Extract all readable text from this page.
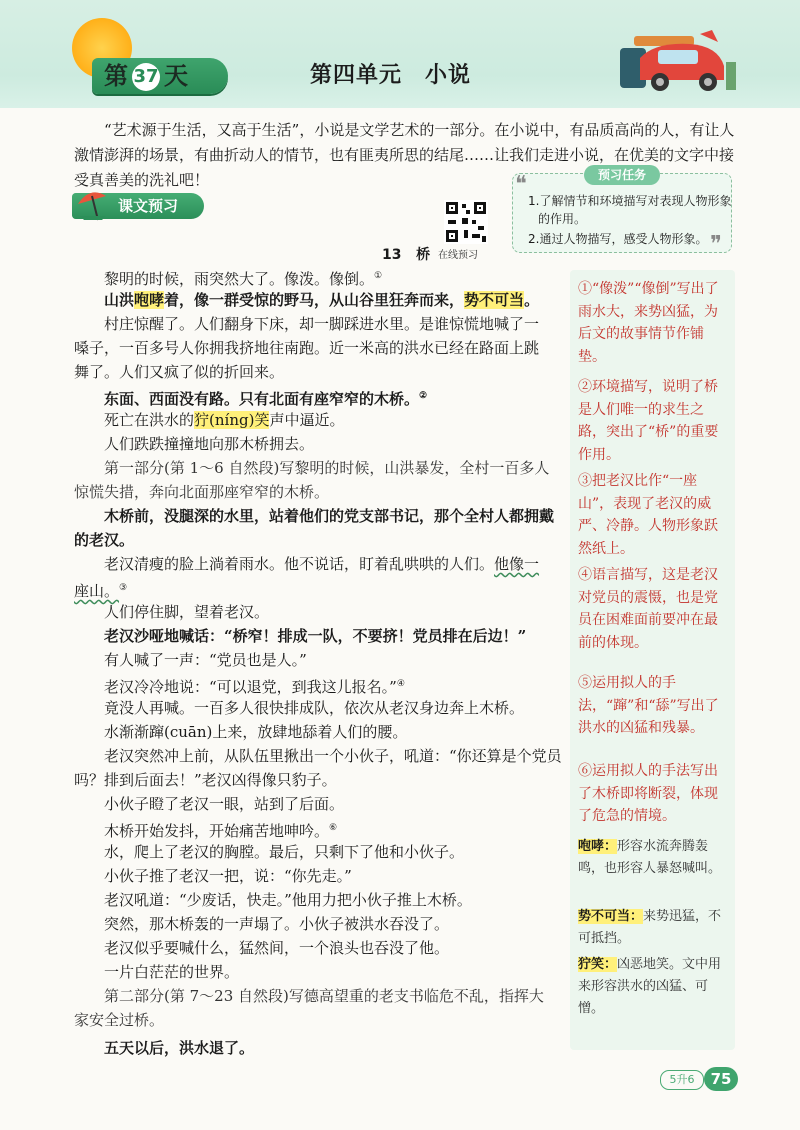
第 37 天	第四单元　小说
“艺术源于生活，又高于生活”，小说是文学艺术的一部分。在小说中，有品质高尚的人，有让人激情澎湃的场景，有曲折动人的情节，也有匪夷所思的结尾……让我们走进小说，在优美的文字中接受真善美的洗礼吧！
课文预习
在线预习
❝
❞
预习任务
1.了解情节和环境描写对表现人物形象
的作用。
2.通过人物描写，感受人物形象。
13 桥
黎明的时候，雨突然大了。像泼。像倒。①
山洪咆哮着，像一群受惊的野马，从山谷里狂奔而来，势不可当。
村庄惊醒了。人们翻身下床，却一脚踩进水里。是谁惊慌地喊了一
嗓子，一百多号人你拥我挤地往南跑。近一米高的洪水已经在路面上跳
舞了。人们又疯了似的折回来。
东面、西面没有路。只有北面有座窄窄的木桥。②
死亡在洪水的狞(níng)笑声中逼近。
人们跌跌撞撞地向那木桥拥去。
第一部分(第 1～6 自然段)写黎明的时候，山洪暴发，全村一百多人
惊慌失措，奔向北面那座窄窄的木桥。
木桥前，没腿深的水里，站着他们的党支部书记，那个全村人都拥戴
的老汉。
老汉清瘦的脸上淌着雨水。他不说话，盯着乱哄哄的人们。他像一
座山。③
人们停住脚，望着老汉。
老汉沙哑地喊话：“桥窄！排成一队，不要挤！党员排在后边！”
有人喊了一声：“党员也是人。”
老汉冷冷地说：“可以退党，到我这儿报名。”④
竟没人再喊。一百多人很快排成队，依次从老汉身边奔上木桥。
水渐渐蹿(cuān)上来，放肆地舔着人们的腰。
老汉突然冲上前，从队伍里揪出一个小伙子，吼道：“你还算是个党员
吗？排到后面去！”老汉凶得像只豹子。
小伙子瞪了老汉一眼，站到了后面。
木桥开始发抖，开始痛苦地呻吟。⑥
水，爬上了老汉的胸膛。最后，只剩下了他和小伙子。
小伙子推了老汉一把，说：“你先走。”
老汉吼道：“少废话，快走。”他用力把小伙子推上木桥。
突然，那木桥轰的一声塌了。小伙子被洪水吞没了。
老汉似乎要喊什么，猛然间，一个浪头也吞没了他。
一片白茫茫的世界。
第二部分(第 7～23 自然段)写德高望重的老支书临危不乱，指挥大
家安全过桥。
五天以后，洪水退了。
①“像泼”“像倒”写出了雨水大，来势凶猛，为后文的故事情节作铺垫。
②环境描写，说明了桥是人们唯一的求生之路，突出了“桥”的重要作用。
③把老汉比作“一座山”，表现了老汉的威严、冷静。人物形象跃然纸上。
④语言描写，这是老汉对党员的震慑，也是党员在困难面前要冲在最前的体现。
⑤运用拟人的手法，“蹿”和“舔”写出了洪水的凶猛和残暴。
⑥运用拟人的手法写出了木桥即将断裂，体现了危急的情境。
咆哮：形容水流奔腾轰鸣，也形容人暴怒喊叫。
势不可当：来势迅猛，不可抵挡。
狞笑：凶恶地笑。文中用来形容洪水的凶猛、可憎。
5升6	75
